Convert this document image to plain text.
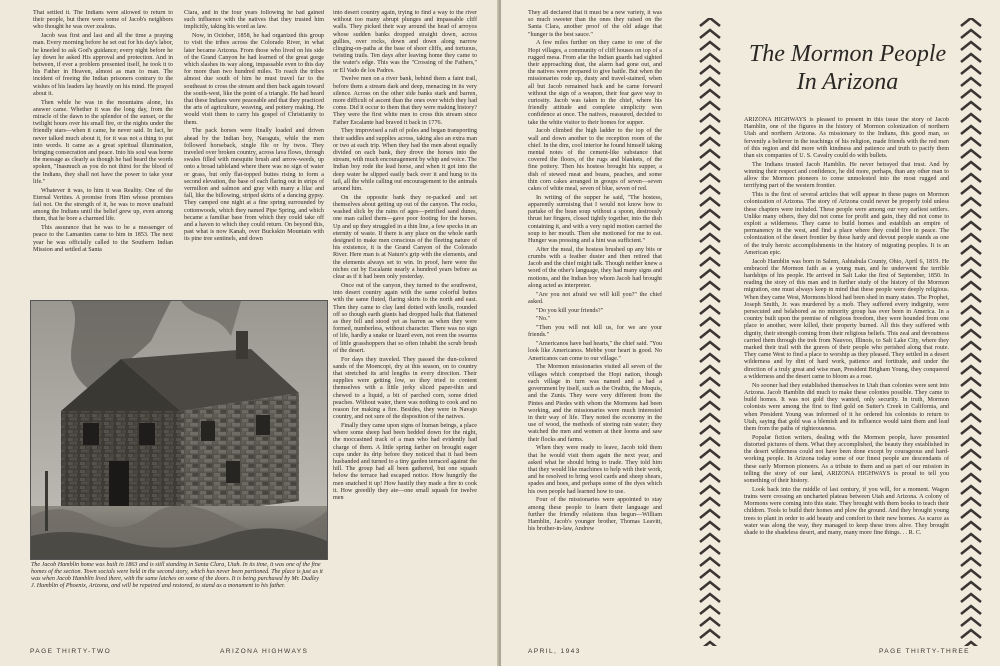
That settled it. The Indians were allowed to return to their people, but there were some of Jacob's neighbors who thought he was over zealous.

Jacob was first and last and all the time a praying man. Every morning before he set out for his day's labor, he kneeled to ask God's guidance; every night before he lay down he asked His approval and protection. And in between, if ever a problem presented itself, he took it to his Father in Heaven, almost as man to man. The incident of freeing the Indian prisoners contrary to the wishes of his leaders lay heavily on his mind. He prayed about it.

Then while he was in the mountains alone, his answer came. Whether it was the long day, from the miracle of the dawn to the splendor of the sunset, or the twilight hours over his small fire, or the nights under the friendly stars—when it came, he never said. In fact, he never talked much about it, for it was not a thing to put into words. It came as a great spiritual illumination, bringing consecration and peace. Into his soul was borne the message as clearly as though he had heard the words spoken, "Inasmuch as you do not thirst for the blood of the Indians, they shall not have the power to take your life."

Whatever it was, to him it was Reality. One of the Eternal Verities. A promise from Him whose promises fail not. On the strength of it, he was to move unafraid among the Indians until the belief grew up, even among them, that he bore a charmed life.

This assurance that he was to be a messenger of peace to the Lamanites came to him in 1853. The next year he was officially called to the Southern Indian Mission and settled at Santa

Clara, and in the four years following he had gained such influence with the natives that they trusted him implicitly, taking his word as law.

Now, in October, 1858, he had organized this group to visit the tribes across the Colorado River, in what later became Arizona. From those who lived on his side of the Grand Canyon he had learned of the great gorge which slashes its way along, impassable even to this day for more than two hundred miles. To reach the tribes almost due south of him he must travel far to the southeast to cross the stream and then back again toward the south-west, like the point of a triangle. He had heard that these Indians were peaceable and that they practiced the arts of agriculture, weaving, and pottery making. He would visit them to carry his gospel of Christianity to them.

The pack horses were finally loaded and driven ahead by the Indian boy, Naraguts, while the men followed horseback, single file or by twos. They traveled over broken country, across lava flows, through swales filled with mesquite brush and arrow-weeds, up onto a broad tableland where there was no sign of water or grass, but only flat-topped buttes rising to form a second elevation, the base of each flaring out in strips of vermilion and salmon and gray with many a lilac and fall, like the billowing, striped skirts of a dancing gypsy. They camped one night at a fine spring surrounded by cottonwoods, which they named Pipe Spring, and which became a familiar base from which they could take off and a haven to which they could return. On beyond this, past what is now Kanab, over Buckskin Mountain with its pine tree sentinels, and down

into desert country again, trying to find a way to the river without too many abrupt plunges and impassable cliff walls. They picked their way around the head of arroyos whose sudden banks dropped straight down, across gullies, over rocks, down and down along narrow clinging-on-paths at the base of sheer cliffs, and tortuous, twisting trails. Ten days after leaving home they came to the water's edge. This was the "Crossing of the Fathers," or El Vado de los Padres.

Twelve men on a river bank, behind them a faint trail, before them a stream dark and deep, menacing in its very silence. Across on the other side banks stark and barren, more difficult of ascent than the ones over which they had come. Did it occur to them that they were making history? They were the first white men to cross this stream since Father Escalante had braved it back in 1776.

They improvised a raft of poles and began transporting their saddles and supplies across, taking also an extra man or two at each trip. When they had the men about equally divided on each bank, they drove the horses into the stream, with much encouragement by whip and voice. The Indian boy rode the lead horse, and when it got into the deep water he slipped easily back over it and hung to its tail, all the while calling out encouragement to the animals around him.

On the opposite bank they re-packed and set themselves about getting up out of the canyon. The rocks, washed slick by the rains of ages—petrified sand dunes, one man called them—gave poor footing for the horses. Up and up they struggled in a thin line, a few specks in an eternity of waste. If there is any place on the whole earth designed to make men conscious of the fleeting nature of his existence, it is the Grand Canyon of the Colorado River. Here man is at Nature's grip with the elements, and the elements always set to win. In proof, here were the niches cut by Escalante nearly a hundred years before as clear as if it had been only yesterday.

Once out of the canyon, they turned to the southwest, into desert country again with the same colorful buttes with the same fluted, flaring skirts to the north and east. Then they came to clay land dotted with knolls, rounded off so though earth giants had dropped balls that flattened as they fell and stood yet as barren as when they were formed, numberless, without character. There was no sign of life, hardly a snake or lizard even, not even the swarms of little grasshoppers that so often inhabit the scrub brush of the desert.

For days they traveled. They passed the dun-colored sands of the Moencopi, dry at this season, on to country that stretched its arid lengths in every direction. Their supplies were getting low, so they tried to content themselves with a little jerky sliced paper-thin and chewed to a liquid, a bit of parched corn, some dried peaches. Without water, there was nothing to cook and no reason for making a fire. Besides, they were in Navajo country, and not sure of the disposition of the natives.

Finally they came upon signs of human beings, a place where some sheep had been bedded down for the night, the moccasined track of a man who had evidently had charge of them. A little spring farther on brought eager cups under its drip before they noticed that it had been husbanded and turned to a tiny garden terraced against the hill. The group had all been gathered, but one squash below the terrace had escaped notice. How hungrily the men snatched it up! How hastily they made a fire to cook it. How greedily they ate—one small squash for twelve men

The Jacob Hamblin home was built in 1863 and is still standing in Santa Clara, Utah. In its time, it was one of the fine homes of the section. Town socials were held in the second story, which has never been partioned. The place is just as it was when Jacob Hamblin lived there, with the same latches on some of the doors. It is being purchased by Mr. Dudley J. Hamblin of Phoenix, Arizona, and will be repaired and restored, to stand as a monument to his father.
PAGE THIRTY-TWO	ARIZONA HIGHWAYS

They all declared that it must be a new variety, it was so much sweeter than the ones they raised on the Santa Clara, another proof of the old adage that "hunger is the best sauce."

A few miles further on they came to one of the Hopi villages, a community of cliff houses on top of a rugged mesa. From afar the Indian guards had sighted their approaching dust, the alarm had gone out, and the natives were prepared to give battle. But when the missionaries rode up, dusty and travel-stained, when all but Jacob remained back and he came forward without the sign of a weapon, their fear gave way to curiosity. Jacob was taken to the chief, where his friendly attitude and complete simplicity won confidence at once. The natives, reassured, decided to take the white visitor to their homes for supper.

Jacob climbed the high ladder to the top of the wall and down another to the reception room of the chief. In the dim, cool interior he found himself taking mental notes of the cement-like substance that covered the floors, of the rugs and blankets, of the fine pottery. Then his hostess brought his supper, a dish of stewed meat and beans, peaches, and some thin corn cakes arranged in groups of seven—seven cakes of white meal, seven of blue, seven of red.

In writing of the supper he said, "The hostess, apparently surmising that I would not know how to partake of the bean soup without a spoon, destrously thrust her fingers, closed tightly together, into the dish containing it, and with a very rapid motion carried the soup to her mouth. Then she motioned for me to eat. Hunger was pressing and a hint was sufficient."

After the meal, the hostess brushed up any bits or crumbs with a feather duster and then retired that Jacob and the chief might talk. Though neither knew a word of the other's language, they had many signs and motions, and the Indian boy whom Jacob had brought along acted as interpreter.

"Are you not afraid we will kill you?" the chief asked.

"Do you kill your friends?"

"No."

"Then you will not kill us, for we are your friends."

"Americanos have bad hearts," the chief said. "You look like Americanos. Mebbe your heart is good. No Americanos can come to our village."

The Mormon missionaries visited all seven of the villages which comprised the Hopi nation, though each village in turn was named and a had a government by itself, such as the Oraibis, the Moquis, and the Zunis. They were very different from the Pintes and Piedes with whom the Mormons had been working, and the missionaries were much interested in their way of life. They noted the economy in the use of wood, the methods of storing rain water; they watched the men and women at their looms and saw their flocks and farms.

When they were ready to leave, Jacob told them that he would visit them again the next year, and asked what he should bring to trade. They told him that they would like machines to help with their work, and he resolved to bring wool cards and sheep shears, spades and hoes, and perhaps some of the dyes which his own people had learned how to use.

Four of the missionaries were appointed to stay among these people to learn their language and further the friendly relations thus begun—William Hamblin, Jacob's younger brother, Thomas Leavitt, his brother-in-law, Andrew

The Mormon People
In Arizona

ARIZONA HIGHWAYS is pleased to present in this issue the story of Jacob Hamblin, one of the figures in the history of Mormon colonization of northern Utah and northern Arizona. As missionary to the Indians, this good man, so fervently a believer in the teachings of his religion, made friends with the red men of this region and did more with kindness and patience and truth to pacify them than six companies of U. S. Cavalry could do with bullets.

The Indians trusted Jacob Hamblin. He never betrayed that trust. And by winning their respect and confidence, he did more, perhaps, than any other man to allow the Mormon pioneers to come unmolested into the most rugged and terrifying part of the western frontier.

This is the first of several articles that will appear in these pages on Mormon colonization of Arizona. The story of Arizona could never be properly told unless these chapters were included. These people were among our very earliest settlers. Unlike many others, they did not come for profit and gain, they did not come to exploit a wilderness. They came to build homes and establish an empire of permanency in the west, and find a place where they could live in peace. The colonization of the desert frontier by these hardy and devout people stands as one of the truly heroic accomplishments in the history of migrating peoples. It is an American epic.

Jacob Hamblin was born in Salem, Ashtabula County, Ohio, April 6, 1819. He embraced the Mormon faith as a young man, and he underwent the terrible hardships of his people. He arrived in Salt Lake the first of September, 1850. In reading the story of this man and in further study of the history of the Mormon migration, one must always keep in mind that these people were deeply religious. When they came West, Mormons blood had been shed in many states. The Prophet, Joseph Smith, Jr. was murdered by a mob. They suffered every indignity, were persecuted and belabored as no minority group has ever been in America. In a country built upon the premise of religious freedom, they were hounded from one place to another, were killed, their property burned. All this they suffered with dignity, their strength coming from their religious beliefs. This zeal and devoutness carried them through the trek from Nauvoo, Illinois, to Salt Lake City, where they marked their trail with the graves of their people who perished along that route. They came West to find a place to worship as they pleased. They settled in a desert wilderness and by dint of hard work, patience and fortitude, and under the direction of a truly great and wise man, President Brigham Young, they conquered a wilderness and the desert came to bloom as a rose.

No sooner had they established themselves in Utah than colonies were sent into Arizona. Jacob Hamblin did much to make these colonies possible. They came to build homes. It was not gold they wanted, only security. In truth, Mormon colonists were among the first to find gold on Sutter's Creek in California, and when President Young was informed of it he ordered his colonists to return to Utah, saying that gold was a blemish and its influence would taint them and lead them from the paths of righteousness.

Popular fiction writers, dealing with the Mormon people, have presented distorted pictures of them. What they accomplished, the beauty they established in the desert wilderness could not have been done except by courageous and hard-working people. In Arizona today some of our finest people are descendants of these early Mormon pioneers. As a tribute to them and as part of our mission in telling the story of our land, ARIZONA HIGHWAYS is proud to tell you something of their history.

Look back into the middle of last century, if you will, for a moment. Wagon trains were crossing an uncharted plateau between Utah and Arizona. A colony of Mormons were coming into this state. They brought with them books to teach their children. Tools to build their homes and plow the ground. And they brought young trees to plant in order to add beauty and comfort to their new homes. As scarce as water was along the way, they managed to keep these trees alive. They brought shade to the shadeless desert, and many, many more fine things. . . R. C.

APRIL, 1943	PAGE THIRTY-THREE
